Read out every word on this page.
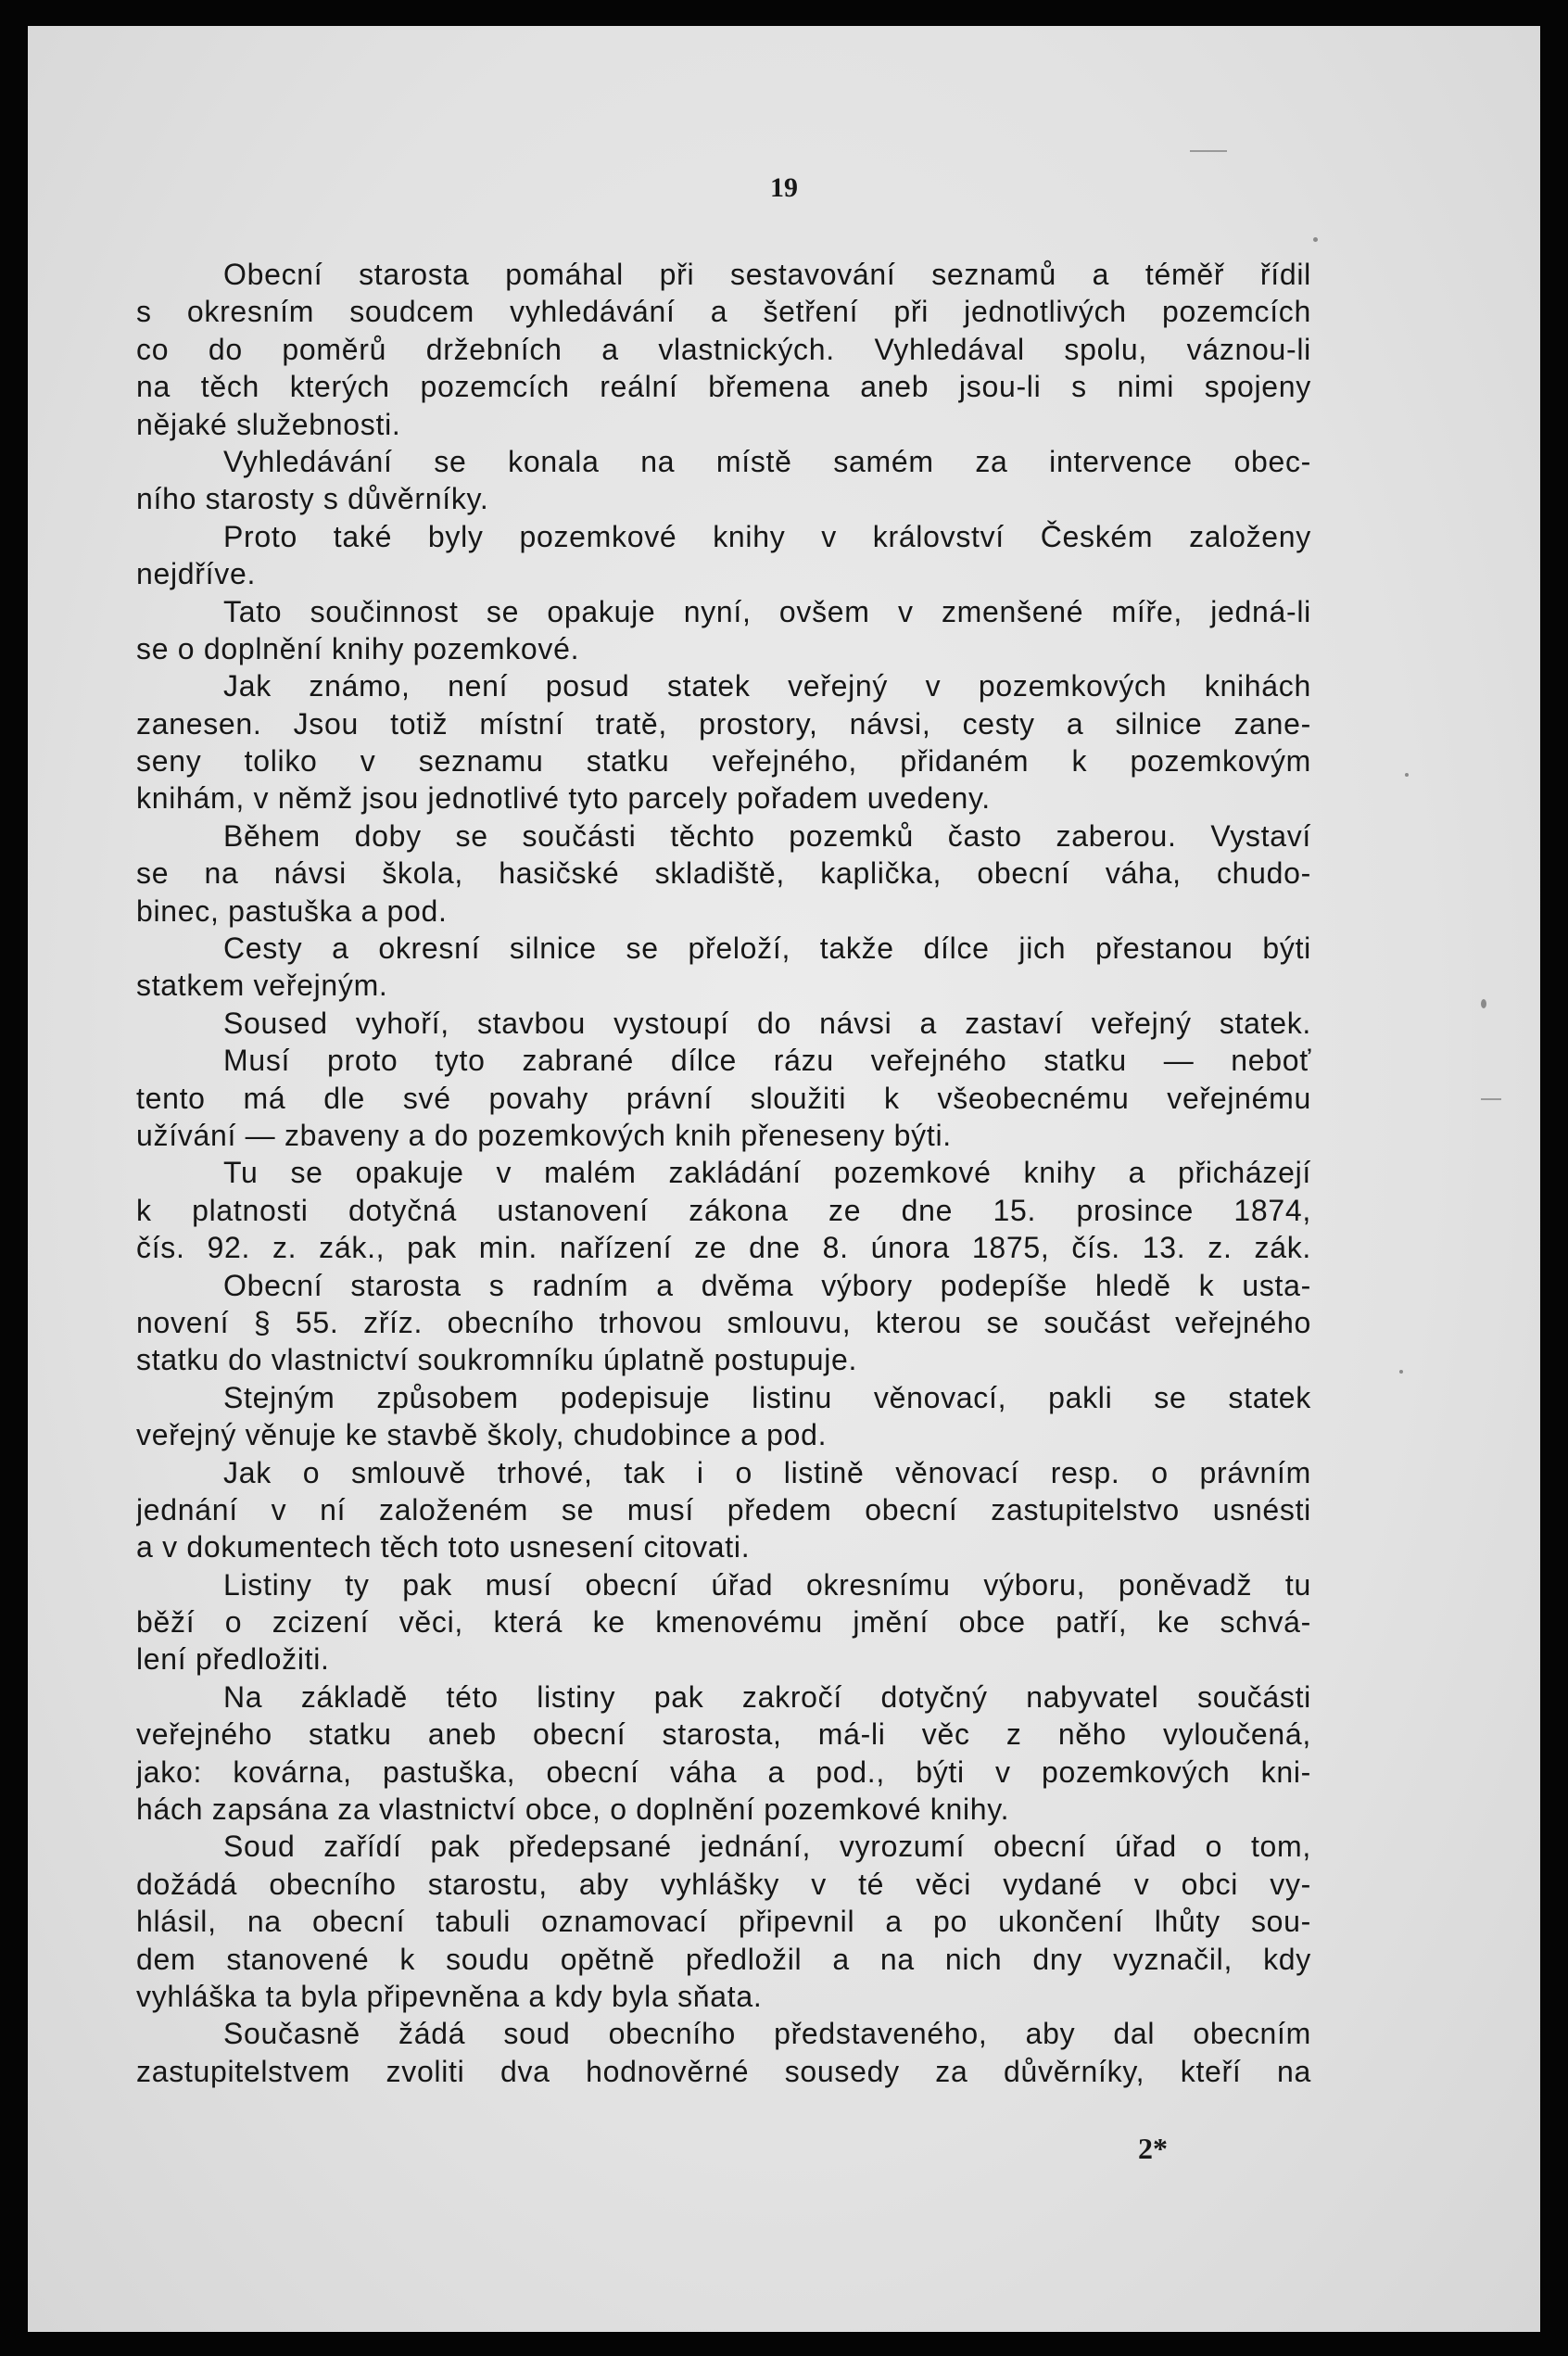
19
Obecní starosta pomáhal při sestavování seznamů a téměř řídil
s okresním soudcem vyhledávání a šetření při jednotlivých pozemcích
co do poměrů držebních a vlastnických. Vyhledával spolu, váznou-li
na těch kterých pozemcích reální břemena aneb jsou-li s nimi spojeny
nějaké služebnosti.
Vyhledávání se konala na místě samém za intervence obec-
ního starosty s důvěrníky.
Proto také byly pozemkové knihy v království Českém založeny
nejdříve.
Tato součinnost se opakuje nyní, ovšem v zmenšené míře, jedná-li
se o doplnění knihy pozemkové.
Jak známo, není posud statek veřejný v pozemkových knihách
zanesen. Jsou totiž místní tratě, prostory, návsi, cesty a silnice zane-
seny toliko v seznamu statku veřejného, přidaném k pozemkovým
knihám, v němž jsou jednotlivé tyto parcely pořadem uvedeny.
Během doby se součásti těchto pozemků často zaberou. Vystaví
se na návsi škola, hasičské skladiště, kaplička, obecní váha, chudo-
binec, pastuška a pod.
Cesty a okresní silnice se přeloží, takže dílce jich přestanou býti
statkem veřejným.
Soused vyhoří, stavbou vystoupí do návsi a zastaví veřejný statek.
Musí proto tyto zabrané dílce rázu veřejného statku — neboť
tento má dle své povahy právní sloužiti k všeobecnému veřejnému
užívání — zbaveny a do pozemkových knih přeneseny býti.
Tu se opakuje v malém zakládání pozemkové knihy a přicházejí
k platnosti dotyčná ustanovení zákona ze dne 15. prosince 1874,
čís. 92. z. zák., pak min. nařízení ze dne 8. února 1875, čís. 13. z. zák.
Obecní starosta s radním a dvěma výbory podepíše hledě k usta-
novení § 55. zříz. obecního trhovou smlouvu, kterou se součást veřejného
statku do vlastnictví soukromníku úplatně postupuje.
Stejným způsobem podepisuje listinu věnovací, pakli se statek
veřejný věnuje ke stavbě školy, chudobince a pod.
Jak o smlouvě trhové, tak i o listině věnovací resp. o právním
jednání v ní založeném se musí předem obecní zastupitelstvo usnésti
a v dokumentech těch toto usnesení citovati.
Listiny ty pak musí obecní úřad okresnímu výboru, poněvadž tu
běží o zcizení věci, která ke kmenovému jmění obce patří, ke schvá-
lení předložiti.
Na základě této listiny pak zakročí dotyčný nabyvatel součásti
veřejného statku aneb obecní starosta, má-li věc z něho vyloučená,
jako: kovárna, pastuška, obecní váha a pod., býti v pozemkových kni-
hách zapsána za vlastnictví obce, o doplnění pozemkové knihy.
Soud zařídí pak předepsané jednání, vyrozumí obecní úřad o tom,
dožádá obecního starostu, aby vyhlášky v té věci vydané v obci vy-
hlásil, na obecní tabuli oznamovací připevnil a po ukončení lhůty sou-
dem stanovené k soudu opětně předložil a na nich dny vyznačil, kdy
vyhláška ta byla připevněna a kdy byla sňata.
Současně žádá soud obecního představeného, aby dal obecním
zastupitelstvem zvoliti dva hodnověrné sousedy za důvěrníky, kteří na
2*
